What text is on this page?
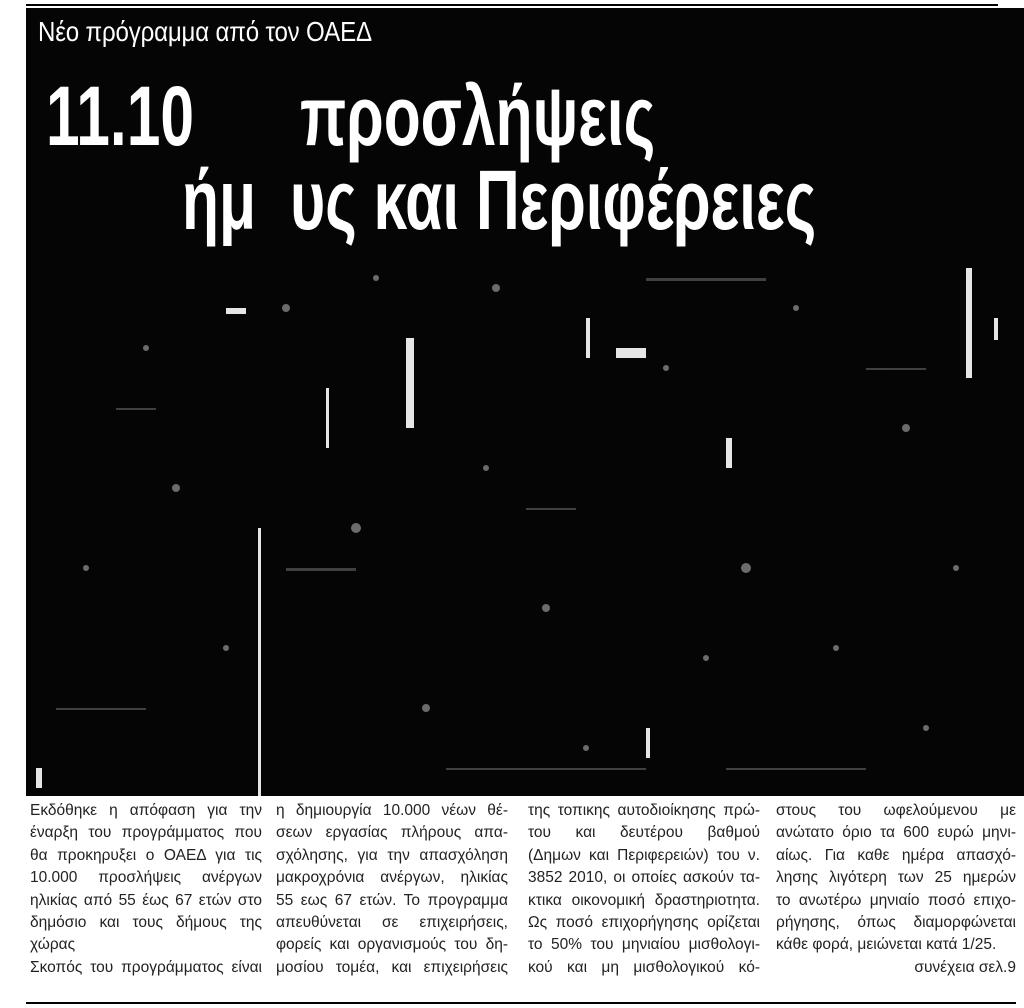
Νέο πρόγραμμα από τον ΟΑΕΔ
11.10 προσλήψεις
ήμ υς και Περιφέρειες
Εκδόθηκε η απόφαση για την
έναρξη του προγράμματος που
θα προκηρυξει ο ΟΑΕΔ για τις
10.000 προσλήψεις ανέργων
ηλικίας από 55 έως 67 ετών στο
δημόσιο και τους δήμους της
χώρας
Σκοπός του προγράμματος είναι
η δημιουργία 10.000 νέων θέ-
σεων εργασίας πλήρους απα-
σχόλησης, για την απασχόληση
μακροχρόνια ανέργων, ηλικίας
55 εως 67 ετών. Το προγραμμα
απευθύνεται σε επιχειρήσεις,
φορείς και οργανισμούς του δη-
μοσίου τομέα, και επιχειρήσεις
της τοπικης αυτοδιοίκησης πρώ-
του και δευτέρου βαθμού
(Δημων και Περιφερειών) του ν.
3852 2010, οι οποίες ασκούν τα-
κτικα οικονομική δραστηριοτητα.
Ως ποσό επιχορήγησης ορίζεται
το 50% του μηνιαίου μισθολογι-
κού και μη μισθολογικού κό-
στους του ωφελούμενου με
ανώτατο όριο τα 600 ευρώ μηνι-
αίως. Για καθε ημέρα απασχό-
λησης λιγότερη των 25 ημερών
το ανωτέρω μηνιαίο ποσό επιχο-
ρήγησης, όπως διαμορφώνεται
κάθε φορά, μειώνεται κατά 1/25.
συνέχεια σελ.9
